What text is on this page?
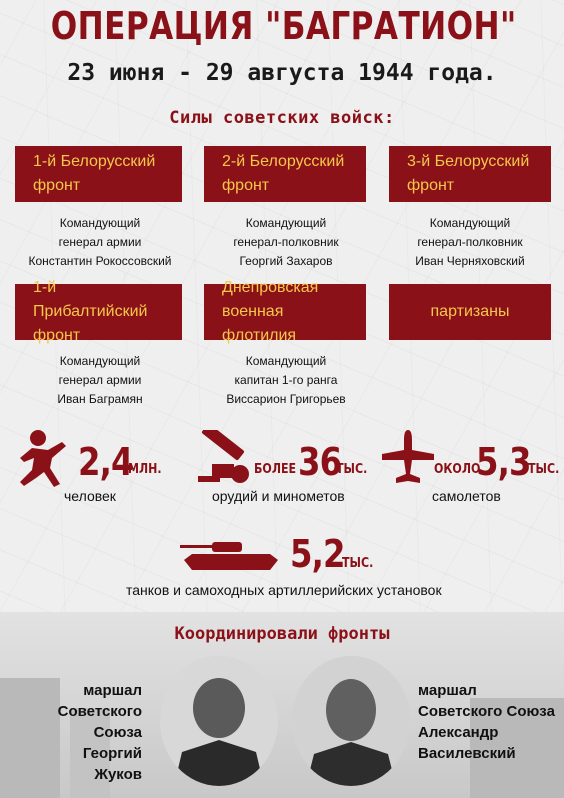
ОПЕРАЦИЯ "БАГРАТИОН"
23 июня - 29 августа 1944 года.
Силы советских войск:
1-й Белорусский фронт
2-й Белорусский фронт
3-й Белорусский фронт
Командующий
генерал армии
Константин Рокоссовский
Командующий
генерал-полковник
Георгий Захаров
Командующий
генерал-полковник
Иван Черняховский
1-й Прибалтийский фронт
Днепровская военная флотилия
партизаны
Командующий
генерал армии
Иван Баграмян
Командующий
капитан 1-го ранга
Виссарион Григорьев
2,4
МЛН.
человек
БОЛЕЕ 36
ТЫС.
орудий и минометов
ОКОЛО
5,3
ТЫС.
самолетов
5,2
ТЫС.
танков и самоходных артиллерийских установок
Координировали фронты
маршал
Советского Союза
Георгий
Жуков
маршал
Советского Союза
Александр
Василевский
